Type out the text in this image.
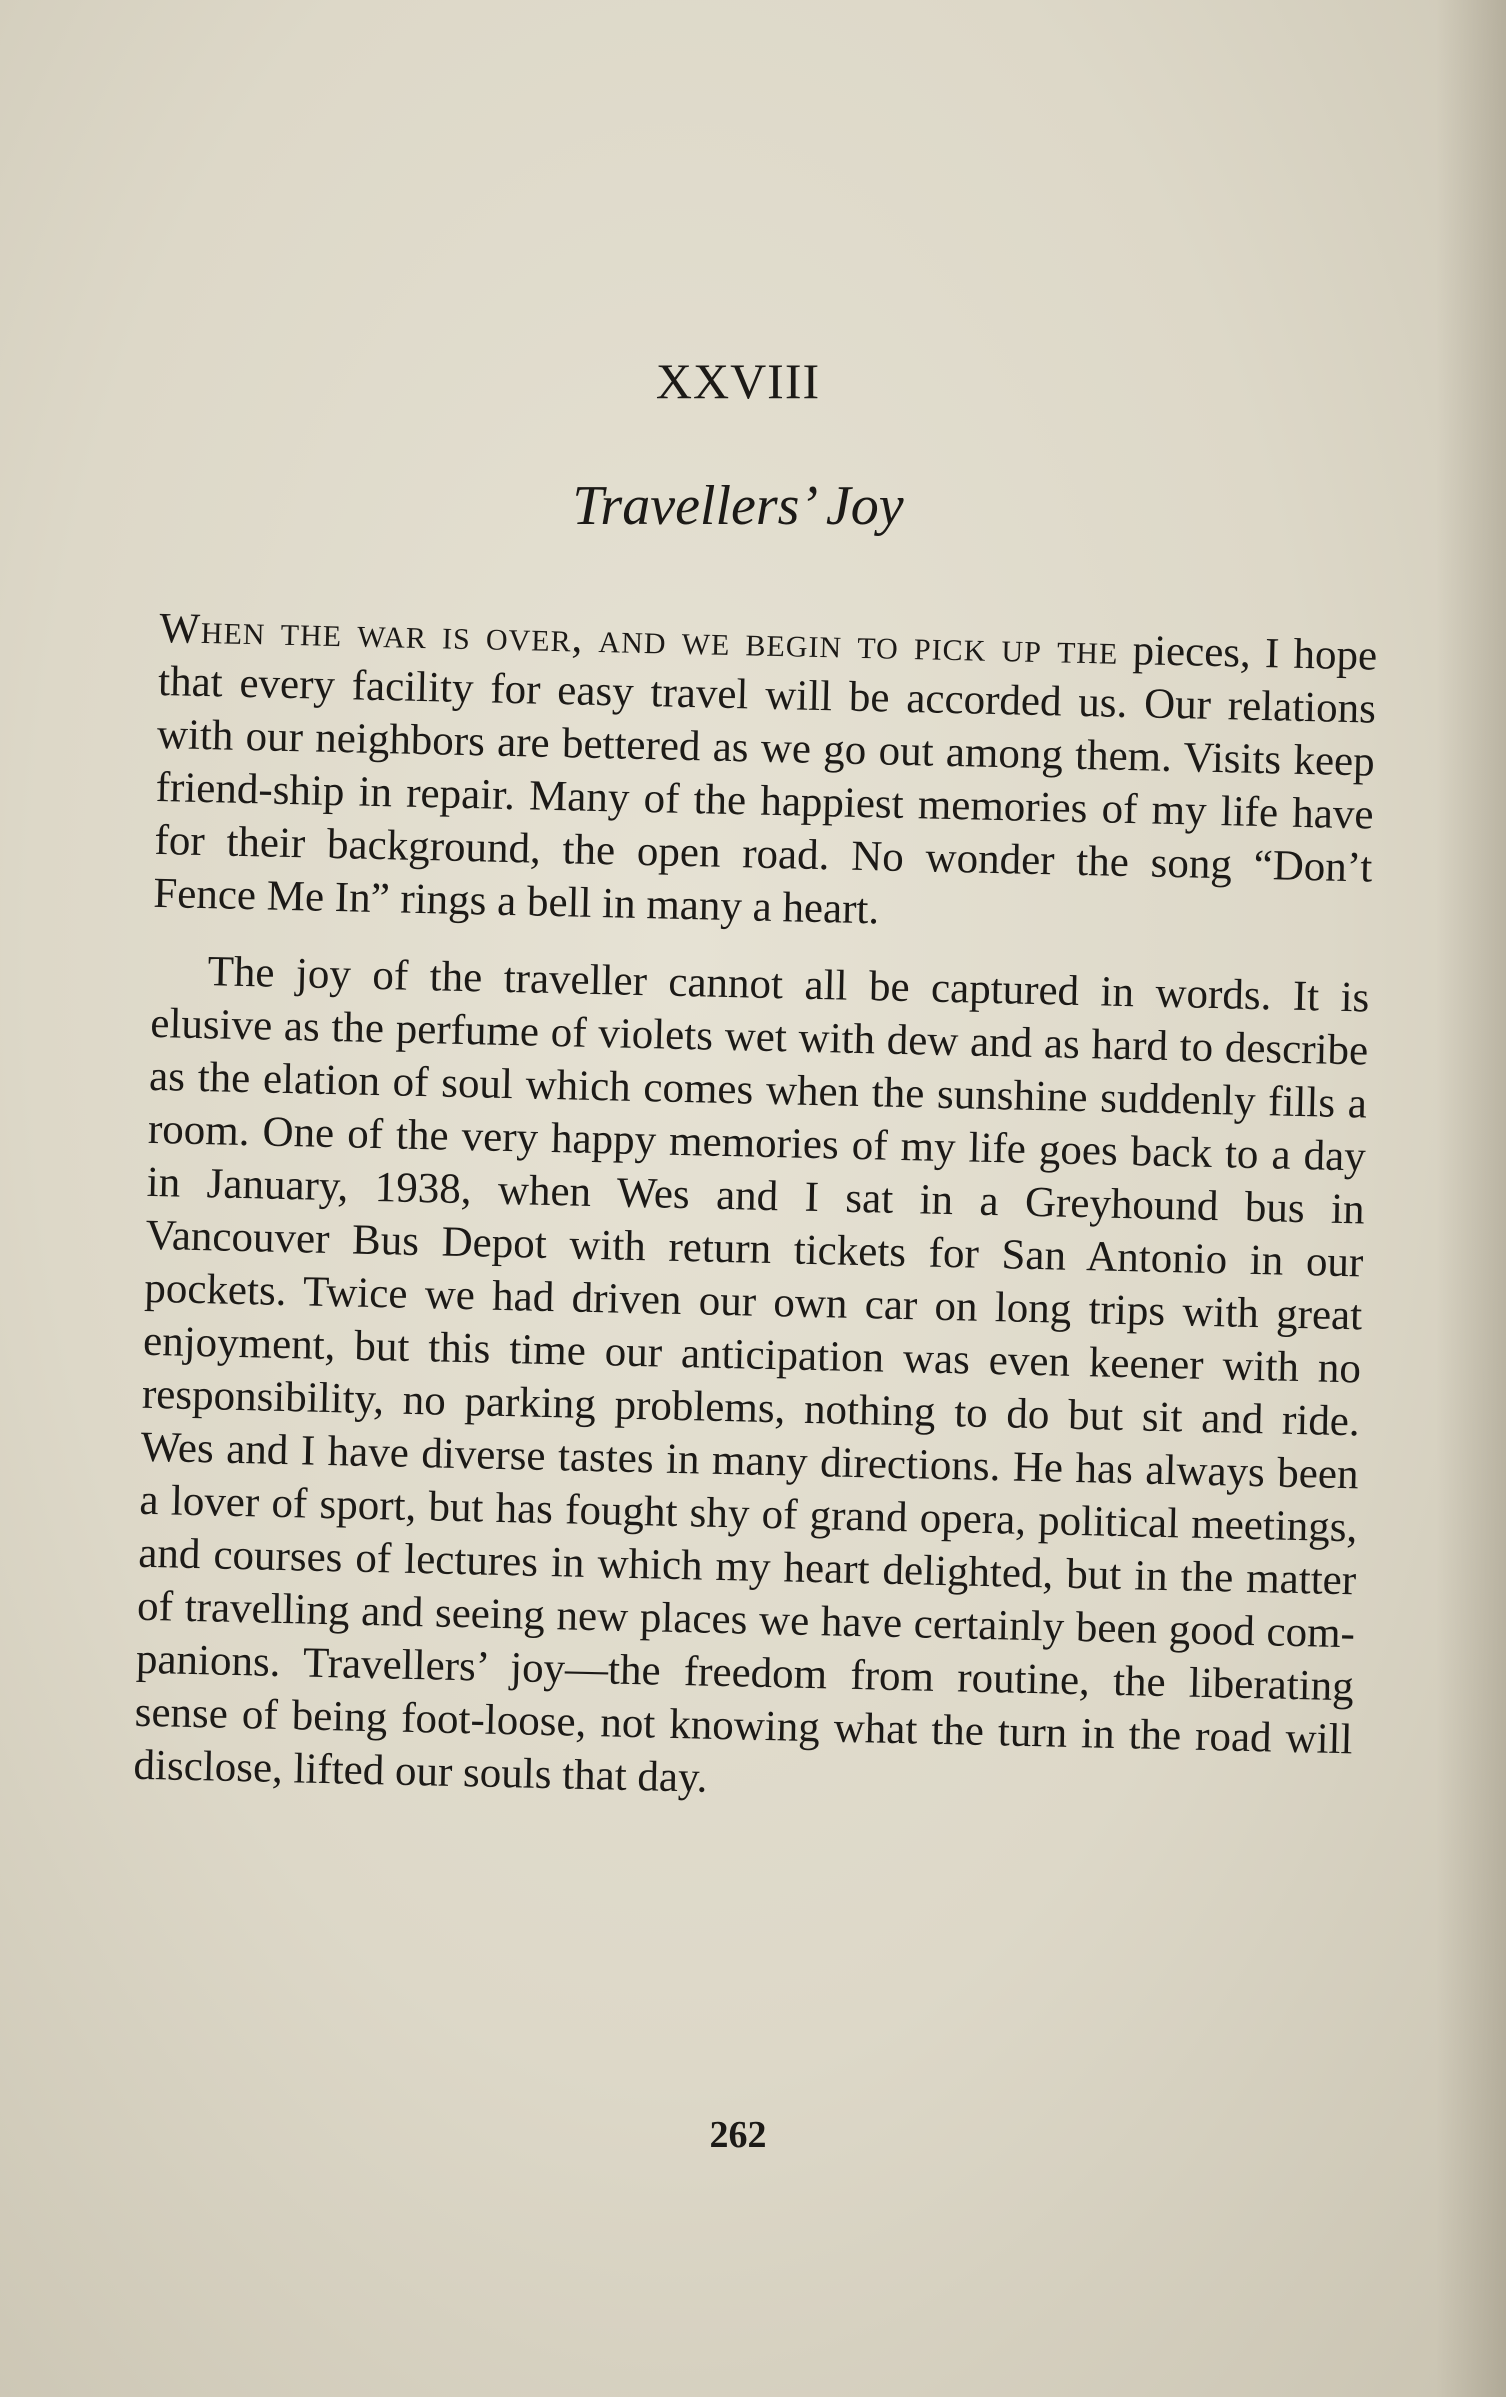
XXVIII
Travellers’ Joy

When the war is over, and we begin to pick up the pieces, I hope that every facility for easy travel will be accorded us. Our relations with our neighbors are bettered as we go out among them. Visits keep friend-ship in repair. Many of the happiest memories of my life have for their background, the open road. No wonder the song “Don’t Fence Me In” rings a bell in many a heart.

The joy of the traveller cannot all be captured in words. It is elusive as the perfume of violets wet with dew and as hard to describe as the elation of soul which comes when the sunshine suddenly fills a room. One of the very happy memories of my life goes back to a day in January, 1938, when Wes and I sat in a Greyhound bus in Vancouver Bus Depot with return tickets for San Antonio in our pockets. Twice we had driven our own car on long trips with great enjoyment, but this time our anticipation was even keener with no responsibility, no parking problems, nothing to do but sit and ride. Wes and I have diverse tastes in many directions. He has always been a lover of sport, but has fought shy of grand opera, political meetings, and courses of lectures in which my heart delighted, but in the matter of travelling and seeing new places we have certainly been good com-panions. Travellers’ joy—the freedom from routine, the liberating sense of being foot-loose, not knowing what the turn in the road will disclose, lifted our souls that day.

262
